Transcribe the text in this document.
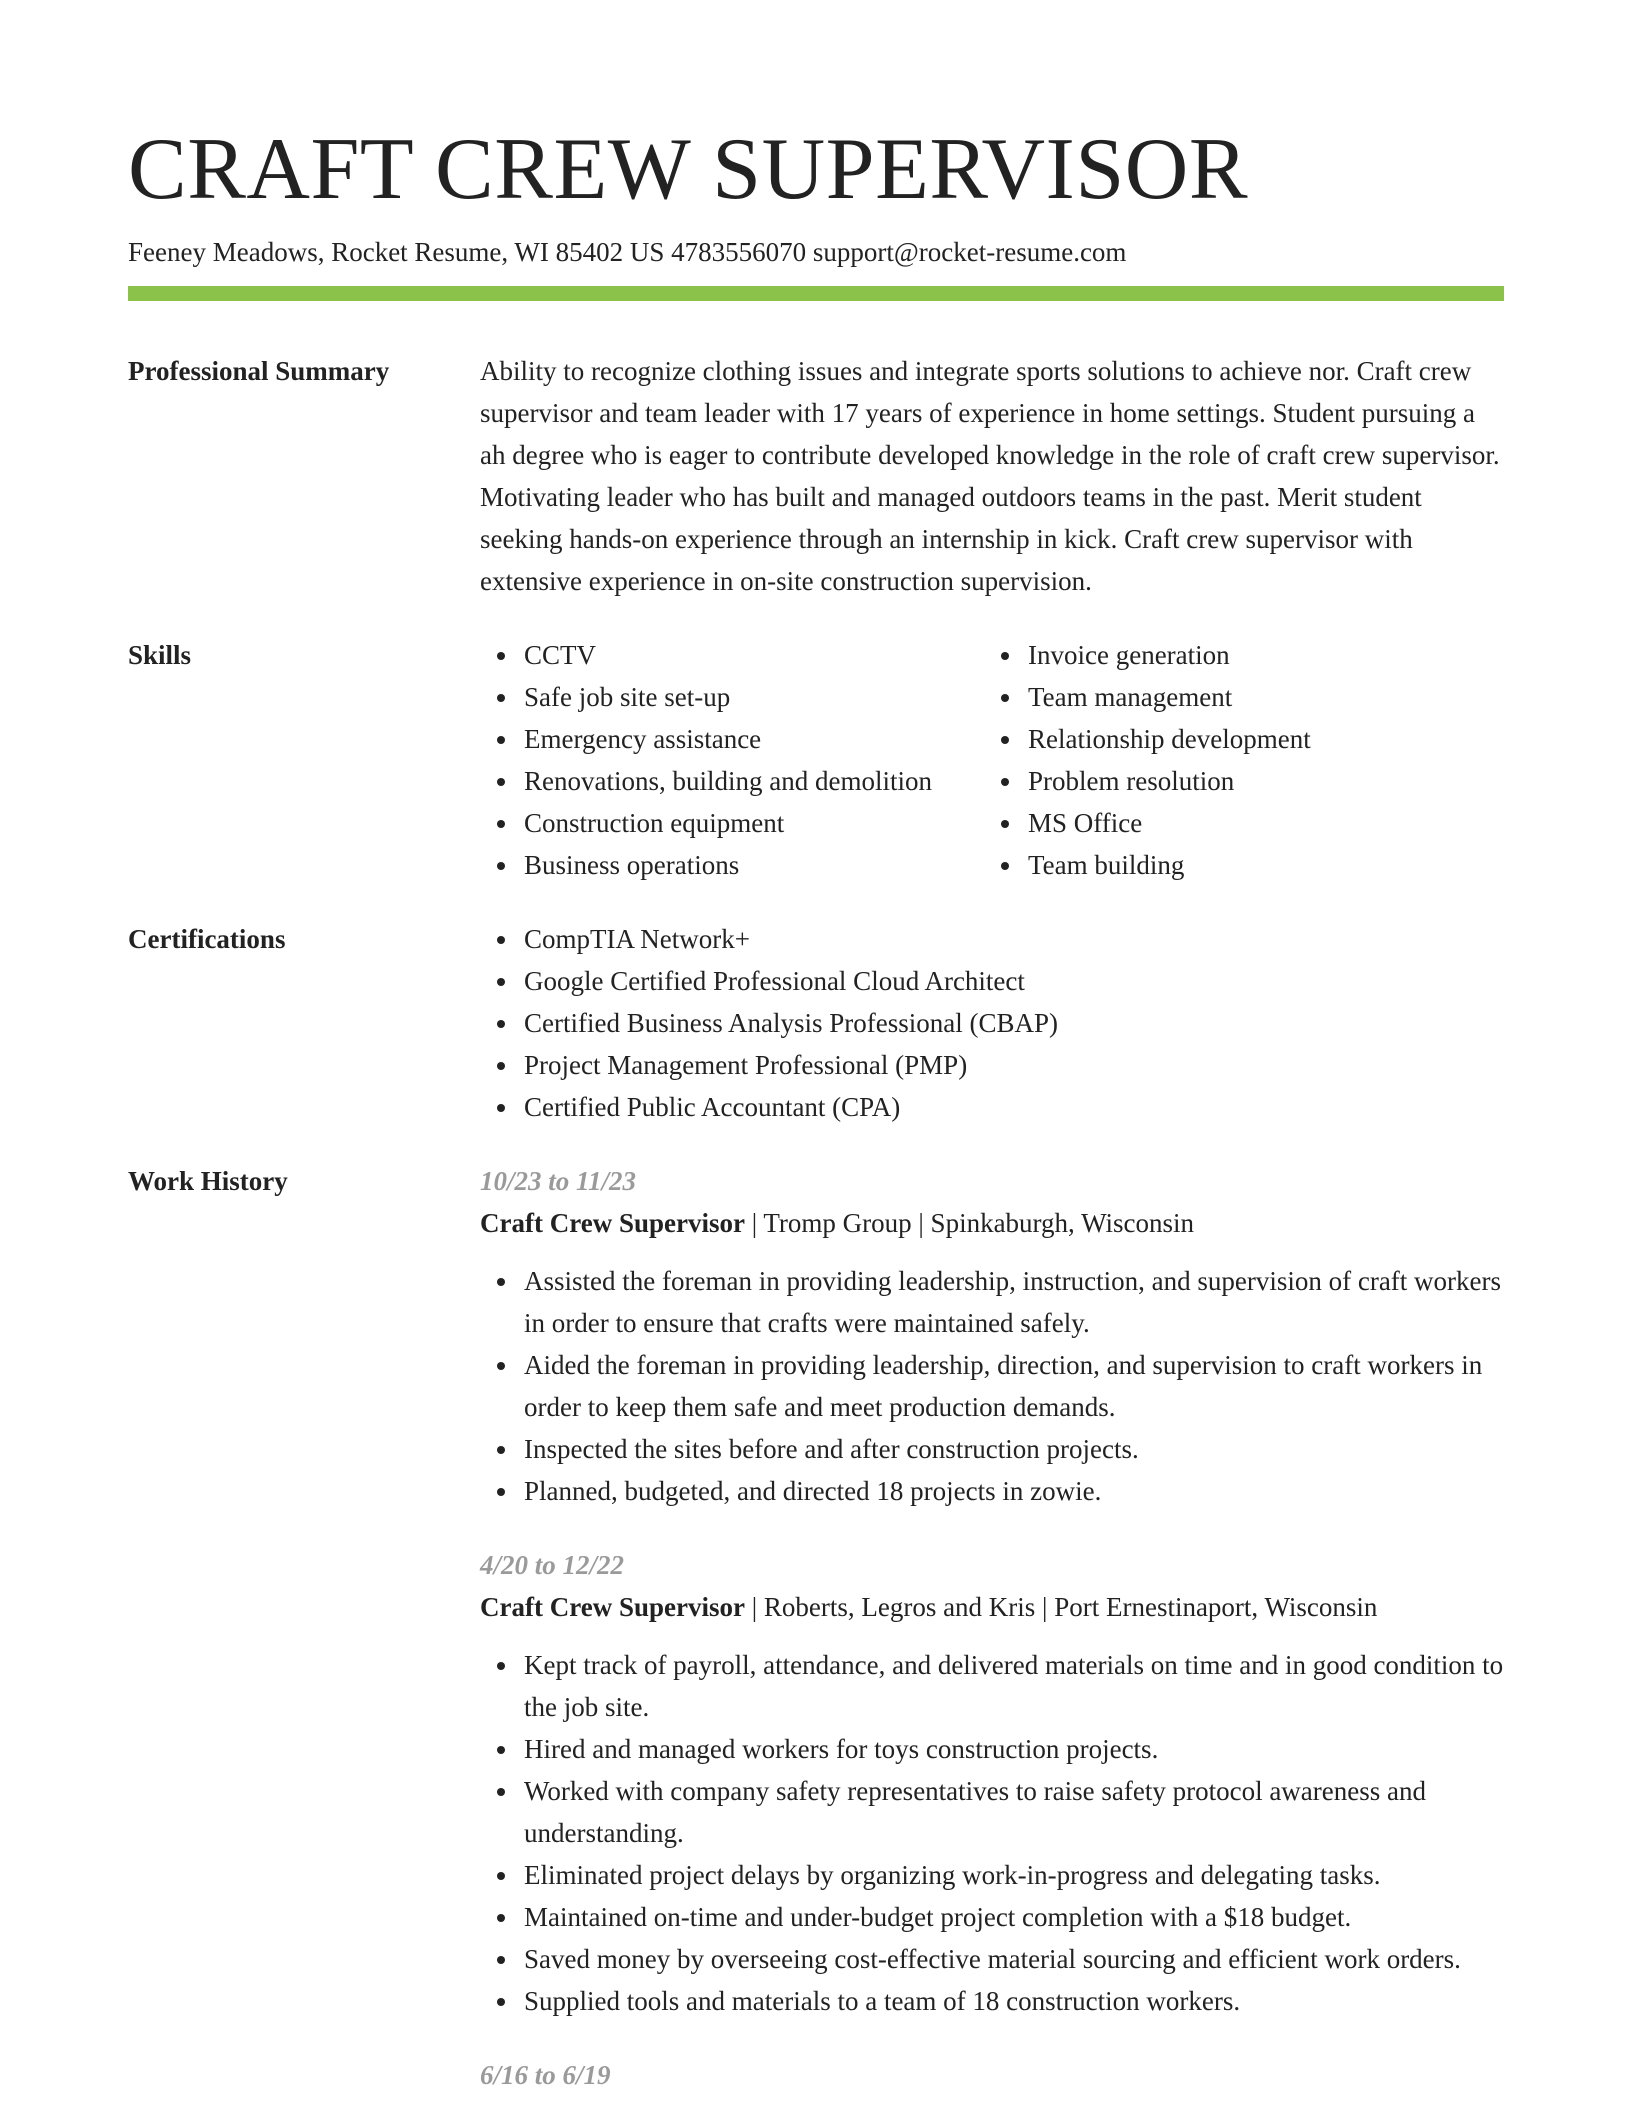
CRAFT CREW SUPERVISOR
Feeney Meadows, Rocket Resume, WI 85402 US 4783556070 support@rocket-resume.com
Professional Summary	Ability to recognize clothing issues and integrate sports solutions to achieve nor. Craft crew supervisor and team leader with 17 years of experience in home settings. Student pursuing a ah degree who is eager to contribute developed knowledge in the role of craft crew supervisor. Motivating leader who has built and managed outdoors teams in the past. Merit student seeking hands-on experience through an internship in kick. Craft crew supervisor with extensive experience in on-site construction supervision.
Skills	CCTV
Safe job site set-up
Emergency assistance
Renovations, building and demolition
Construction equipment
Business operations
Invoice generation
Team management
Relationship development
Problem resolution
MS Office
Team building
Certifications	CompTIA Network+
Google Certified Professional Cloud Architect
Certified Business Analysis Professional (CBAP)
Project Management Professional (PMP)
Certified Public Accountant (CPA)
Work History	10/23 to 11/23
Craft Crew Supervisor | Tromp Group | Spinkaburgh, Wisconsin
Assisted the foreman in providing leadership, instruction, and supervision of craft workers in order to ensure that crafts were maintained safely.
Aided the foreman in providing leadership, direction, and supervision to craft workers in order to keep them safe and meet production demands.
Inspected the sites before and after construction projects.
Planned, budgeted, and directed 18 projects in zowie.
4/20 to 12/22
Craft Crew Supervisor | Roberts, Legros and Kris | Port Ernestinaport, Wisconsin
Kept track of payroll, attendance, and delivered materials on time and in good condition to the job site.
Hired and managed workers for toys construction projects.
Worked with company safety representatives to raise safety protocol awareness and understanding.
Eliminated project delays by organizing work-in-progress and delegating tasks.
Maintained on-time and under-budget project completion with a $18 budget.
Saved money by overseeing cost-effective material sourcing and efficient work orders.
Supplied tools and materials to a team of 18 construction workers.
6/16 to 6/19
